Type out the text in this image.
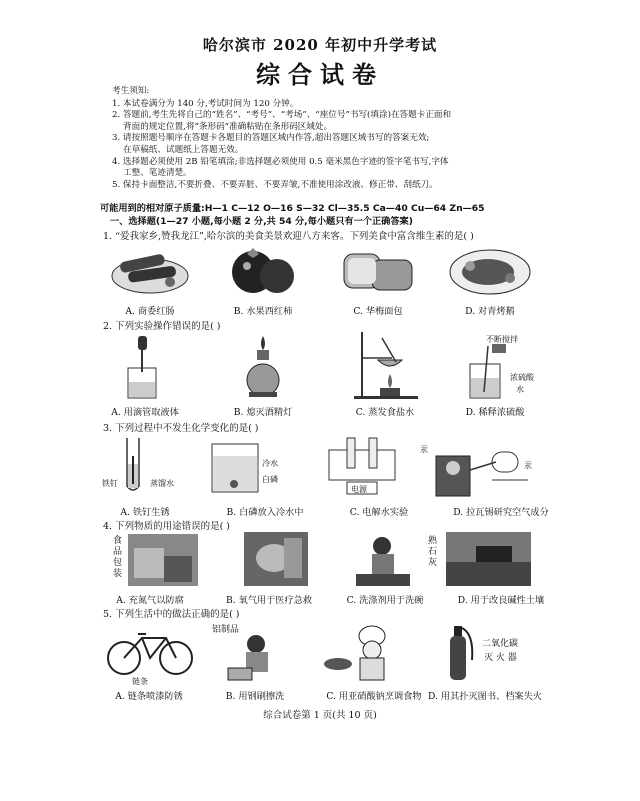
哈尔滨市 2020 年初中升学考试
综合试卷
考生须知:
1. 本试卷满分为 140 分,考试时间为 120 分钟。
2. 答题前,考生先将自己的“姓名”、“考号”、“考场”、“座位号”书写(填涂)在答题卡正面和
背面的规定位置,将“条形码”准确粘贴在条形码区域处。
3. 请按照题号顺序在答题卡各题目的答题区域内作答,超出答题区域书写的答案无效;
在草稿纸、试题纸上答题无效。
4. 选择题必须使用 2B 铅笔填涂;非选择题必须使用 0.5 毫米黑色字迹的签字笔书写,字体
工整、笔迹清楚。
5. 保持卡面整洁,不要折叠、不要弄脏、不要弄皱,不准使用涂改液、修正带、刮纸刀。
可能用到的相对原子质量:H—1 C—12 O—16 S—32 Cl—35.5 Ca—40 Cu—64 Zn—65
一、选择题(1—27 小题,每小题 2 分,共 54 分,每小题只有一个正确答案)
1. “爱我家乡,赞我龙江”,哈尔滨的美食美景欢迎八方来客。下列美食中富含维生素的是( )
A. 商委红肠	B. 水果西红柿	C. 华梅面包	D. 对青烤鹅
2. 下列实验操作错误的是( )
不断搅拌
浓硫酸
水
A. 用滴管取液体	B. 熄灭酒精灯	C. 蒸发食盐水	D. 稀释浓硫酸
3. 下列过程中不发生化学变化的是( )
铁钉	蒸馏水
冷水
白磷
电源
汞
汞
A. 铁钉生锈	B. 白磷放入冷水中	C. 电解水实验	D. 拉瓦锡研究空气成分
4. 下列物质的用途错误的是( )
食品包装
熟石灰
A. 充氮气以防腐	B. 氧气用于医疗急救	C. 洗涤剂用于洗碗	D. 用于改良碱性土壤
5. 下列生活中的做法正确的是( )
链条
铝制品
二氧化碳
灭 火 器
A. 链条喷漆防锈	B. 用钢刷擦洗	C. 用亚硝酸钠烹调食物 D. 用其扑灭图书、档案失火
综合试卷第 1 页(共 10 页)
